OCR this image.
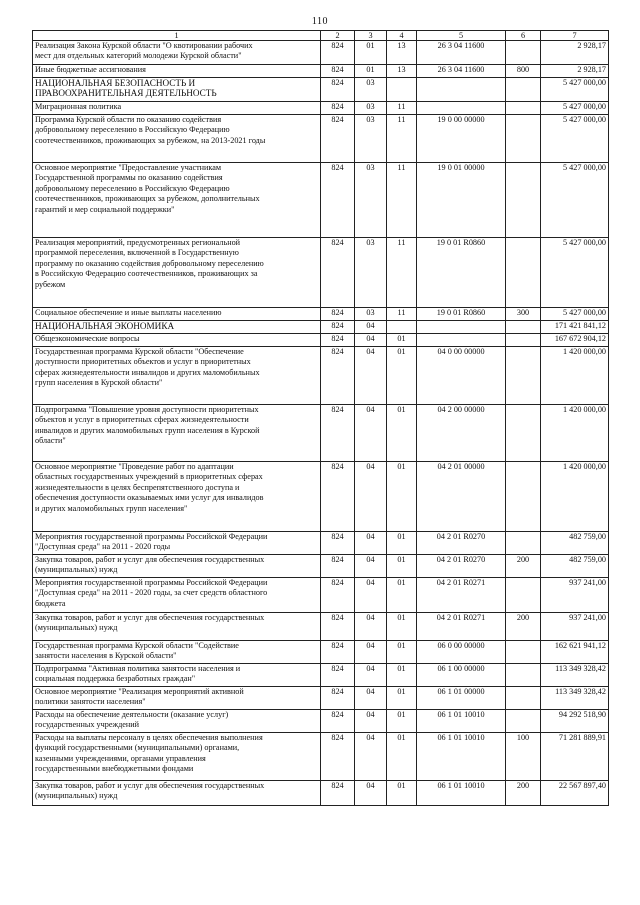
110
1	2	3	4	5	6	7
Реализация Закона Курской области "О квотировании рабочих
мест для отдельных категорий молодежи Курской области"	824	01	13	26 3 04 11600		2 928,17
Иные бюджетные ассигнования	824	01	13	26 3 04 11600	800	2 928,17
НАЦИОНАЛЬНАЯ БЕЗОПАСНОСТЬ И
ПРАВООХРАНИТЕЛЬНАЯ ДЕЯТЕЛЬНОСТЬ	824	03				5 427 000,00
Миграционная политика	824	03	11			5 427 000,00
Программа Курской области по оказанию содействия
добровольному переселению в Российскую Федерацию
соотечественников, проживающих за рубежом, на 2013-2021 годы	824	03	11	19 0 00 00000		5 427 000,00
Основное мероприятие "Предоставление участникам
Государственной программы по оказанию содействия
добровольному переселению в Российскую Федерацию
соотечественников, проживающих за рубежом, дополнительных
гарантий и мер социальной поддержки"	824	03	11	19 0 01 00000		5 427 000,00
Реализация мероприятий, предусмотренных региональной
программой переселения, включенной в Государственную
программу по оказанию содействия добровольному переселению
в Российскую Федерацию соотечественников, проживающих за
рубежом	824	03	11	19 0 01 R0860		5 427 000,00
Социальное обеспечение и иные выплаты населению	824	03	11	19 0 01 R0860	300	5 427 000,00
НАЦИОНАЛЬНАЯ ЭКОНОМИКА	824	04				171 421 841,12
Общеэкономические вопросы	824	04	01			167 672 904,12
Государственная программа Курской области "Обеспечение
доступности приоритетных объектов и услуг в приоритетных
сферах жизнедеятельности инвалидов и других маломобильных
групп населения в Курской области"	824	04	01	04 0 00 00000		1 420 000,00
Подпрограмма "Повышение уровня доступности приоритетных
объектов и услуг в приоритетных сферах жизнедеятельности
инвалидов и других маломобильных групп населения в Курской
области"	824	04	01	04 2 00 00000		1 420 000,00
Основное мероприятие "Проведение работ по адаптации
областных государственных учреждений в приоритетных сферах
жизнедеятельности в целях беспрепятственного доступа и
обеспечения доступности оказываемых ими услуг для инвалидов
и других маломобильных групп населения"	824	04	01	04 2 01 00000		1 420 000,00
Мероприятия государственной программы Российской Федерации
"Доступная среда" на 2011 - 2020 годы	824	04	01	04 2 01 R0270		482 759,00
Закупка товаров, работ и услуг для обеспечения государственных
(муниципальных) нужд	824	04	01	04 2 01 R0270	200	482 759,00
Мероприятия государственной программы Российской Федерации
"Доступная среда" на 2011 - 2020 годы, за счет средств областного
бюджета	824	04	01	04 2 01 R0271		937 241,00
Закупка товаров, работ и услуг для обеспечения государственных
(муниципальных) нужд	824	04	01	04 2 01 R0271	200	937 241,00
Государственная программа Курской области "Содействие
занятости населения в Курской области"	824	04	01	06 0 00 00000		162 621 941,12
Подпрограмма "Активная политика занятости населения и
социальная поддержка безработных граждан"	824	04	01	06 1 00 00000		113 349 328,42
Основное мероприятие "Реализация мероприятий активной
политики занятости населения"	824	04	01	06 1 01 00000		113 349 328,42
Расходы на обеспечение деятельности (оказание услуг)
государственных учреждений	824	04	01	06 1 01 10010		94 292 518,90
Расходы на выплаты персоналу в целях обеспечения выполнения
функций государственными (муниципальными) органами,
казенными учреждениями, органами управления
государственными внебюджетными фондами	824	04	01	06 1 01 10010	100	71 281 889,91
Закупка товаров, работ и услуг для обеспечения государственных
(муниципальных) нужд	824	04	01	06 1 01 10010	200	22 567 897,40
